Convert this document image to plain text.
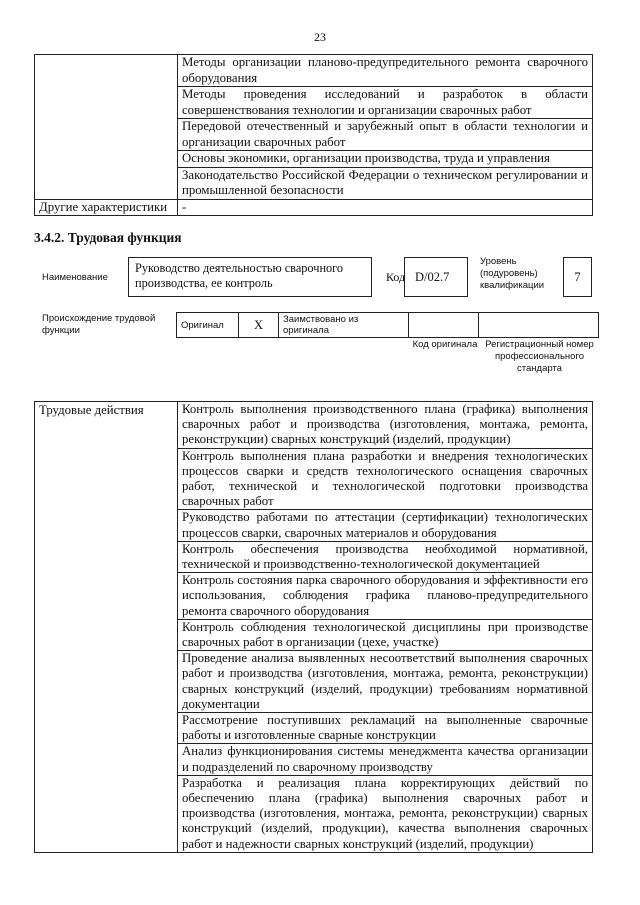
23
	Методы организации планово-предупредительного ремонта сварочного оборудования
	Методы проведения исследований и разработок в области совершенствования технологии и организации сварочных работ
	Передовой отечественный и зарубежный опыт в области технологии и организации сварочных работ
	Основы экономики, организации производства, труда и управления
	Законодательство Российской Федерации о техническом регулировании и промышленной безопасности
Другие характеристики	-
3.4.2. Трудовая функция
Наименование
Руководство деятельностью сварочного производства, ее контроль	Код D/02.7
Уровень (подуровень) квалификации
7
Происхождение трудовой функции	Оригинал	X	Заимствовано из оригинала		
Код оригинала Регистрационный номер профессионального стандарта
Трудовые действия	Контроль выполнения производственного плана (графика) выполнения сварочных работ и производства (изготовления, монтажа, ремонта, реконструкции) сварных конструкций (изделий, продукции)
Контроль выполнения плана разработки и внедрения технологических процессов сварки и средств технологического оснащения сварочных работ, технической и технологической подготовки производства сварочных работ
Руководство работами по аттестации (сертификации) технологических процессов сварки, сварочных материалов и оборудования
Контроль обеспечения производства необходимой нормативной, технической и производственно-технологической документацией
Контроль состояния парка сварочного оборудования и эффективности его использования, соблюдения графика планово-предупредительного ремонта сварочного оборудования
Контроль соблюдения технологической дисциплины при производстве сварочных работ в организации (цехе, участке)
Проведение анализа выявленных несоответствий выполнения сварочных работ и производства (изготовления, монтажа, ремонта, реконструкции) сварных конструкций (изделий, продукции) требованиям нормативной документации
Рассмотрение поступивших рекламаций на выполненные сварочные работы и изготовленные сварные конструкции
Анализ функционирования системы менеджмента качества организации и подразделений по сварочному производству
Разработка и реализация плана корректирующих действий по обеспечению плана (графика) выполнения сварочных работ и производства (изготовления, монтажа, ремонта, реконструкции) сварных конструкций (изделий, продукции), качества выполнения сварочных работ и надежности сварных конструкций (изделий, продукции)
